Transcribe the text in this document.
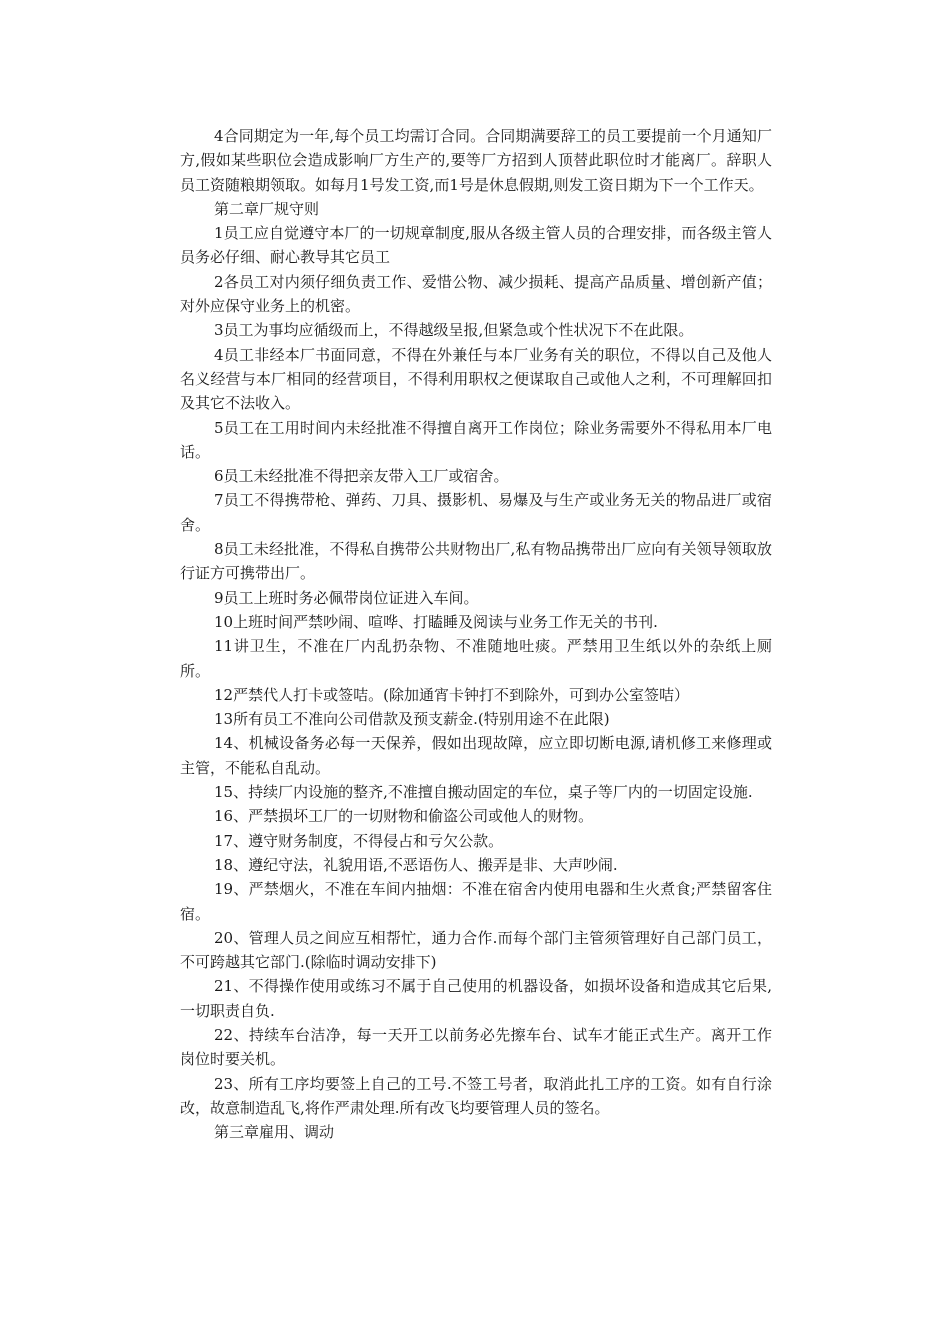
4合同期定为一年,每个员工均需订合同。合同期满要辞工的员工要提前一个月通知厂方,假如某些职位会造成影响厂方生产的,要等厂方招到人顶替此职位时才能离厂。辞职人员工资随粮期领取。如每月1号发工资,而1号是休息假期,则发工资日期为下一个工作天。

第二章厂规守则

1员工应自觉遵守本厂的一切规章制度,服从各级主管人员的合理安排，而各级主管人员务必仔细、耐心教导其它员工

2各员工对内须仔细负责工作、爱惜公物、减少损耗、提高产品质量、增创新产值；对外应保守业务上的机密。

3员工为事均应循级而上，不得越级呈报,但紧急或个性状况下不在此限。

4员工非经本厂书面同意，不得在外兼任与本厂业务有关的职位，不得以自己及他人名义经营与本厂相同的经营项目，不得利用职权之便谋取自己或他人之利，不可理解回扣及其它不法收入。

5员工在工用时间内未经批准不得擅自离开工作岗位；除业务需要外不得私用本厂电话。

6员工未经批准不得把亲友带入工厂或宿舍。

7员工不得携带枪、弹药、刀具、摄影机、易爆及与生产或业务无关的物品进厂或宿舍。

8员工未经批准，不得私自携带公共财物出厂,私有物品携带出厂应向有关领导领取放行证方可携带出厂。

9员工上班时务必佩带岗位证进入车间。

10上班时间严禁吵闹、喧哗、打瞌睡及阅读与业务工作无关的书刊.

11讲卫生，不准在厂内乱扔杂物、不准随地吐痰。严禁用卫生纸以外的杂纸上厕所。

12严禁代人打卡或签咭。(除加通宵卡钟打不到除外，可到办公室签咭）

13所有员工不准向公司借款及预支薪金.(特别用途不在此限)

14、机械设备务必每一天保养，假如出现故障，应立即切断电源,请机修工来修理或主管，不能私自乱动。

15、持续厂内设施的整齐,不准擅自搬动固定的车位，桌子等厂内的一切固定设施.

16、严禁损坏工厂的一切财物和偷盗公司或他人的财物。

17、遵守财务制度，不得侵占和亏欠公款。

18、遵纪守法，礼貌用语,不恶语伤人、搬弄是非、大声吵闹.

19、严禁烟火，不准在车间内抽烟：不准在宿舍内使用电器和生火煮食;严禁留客住宿。

20、管理人员之间应互相帮忙，通力合作.而每个部门主管须管理好自己部门员工，不可跨越其它部门.(除临时调动安排下)

21、不得操作使用或练习不属于自己使用的机器设备，如损坏设备和造成其它后果,一切职责自负.

22、持续车台洁净，每一天开工以前务必先擦车台、试车才能正式生产。离开工作岗位时要关机。

23、所有工序均要签上自己的工号.不签工号者，取消此扎工序的工资。如有自行涂改，故意制造乱飞,将作严肃处理.所有改飞均要管理人员的签名。

第三章雇用、调动
